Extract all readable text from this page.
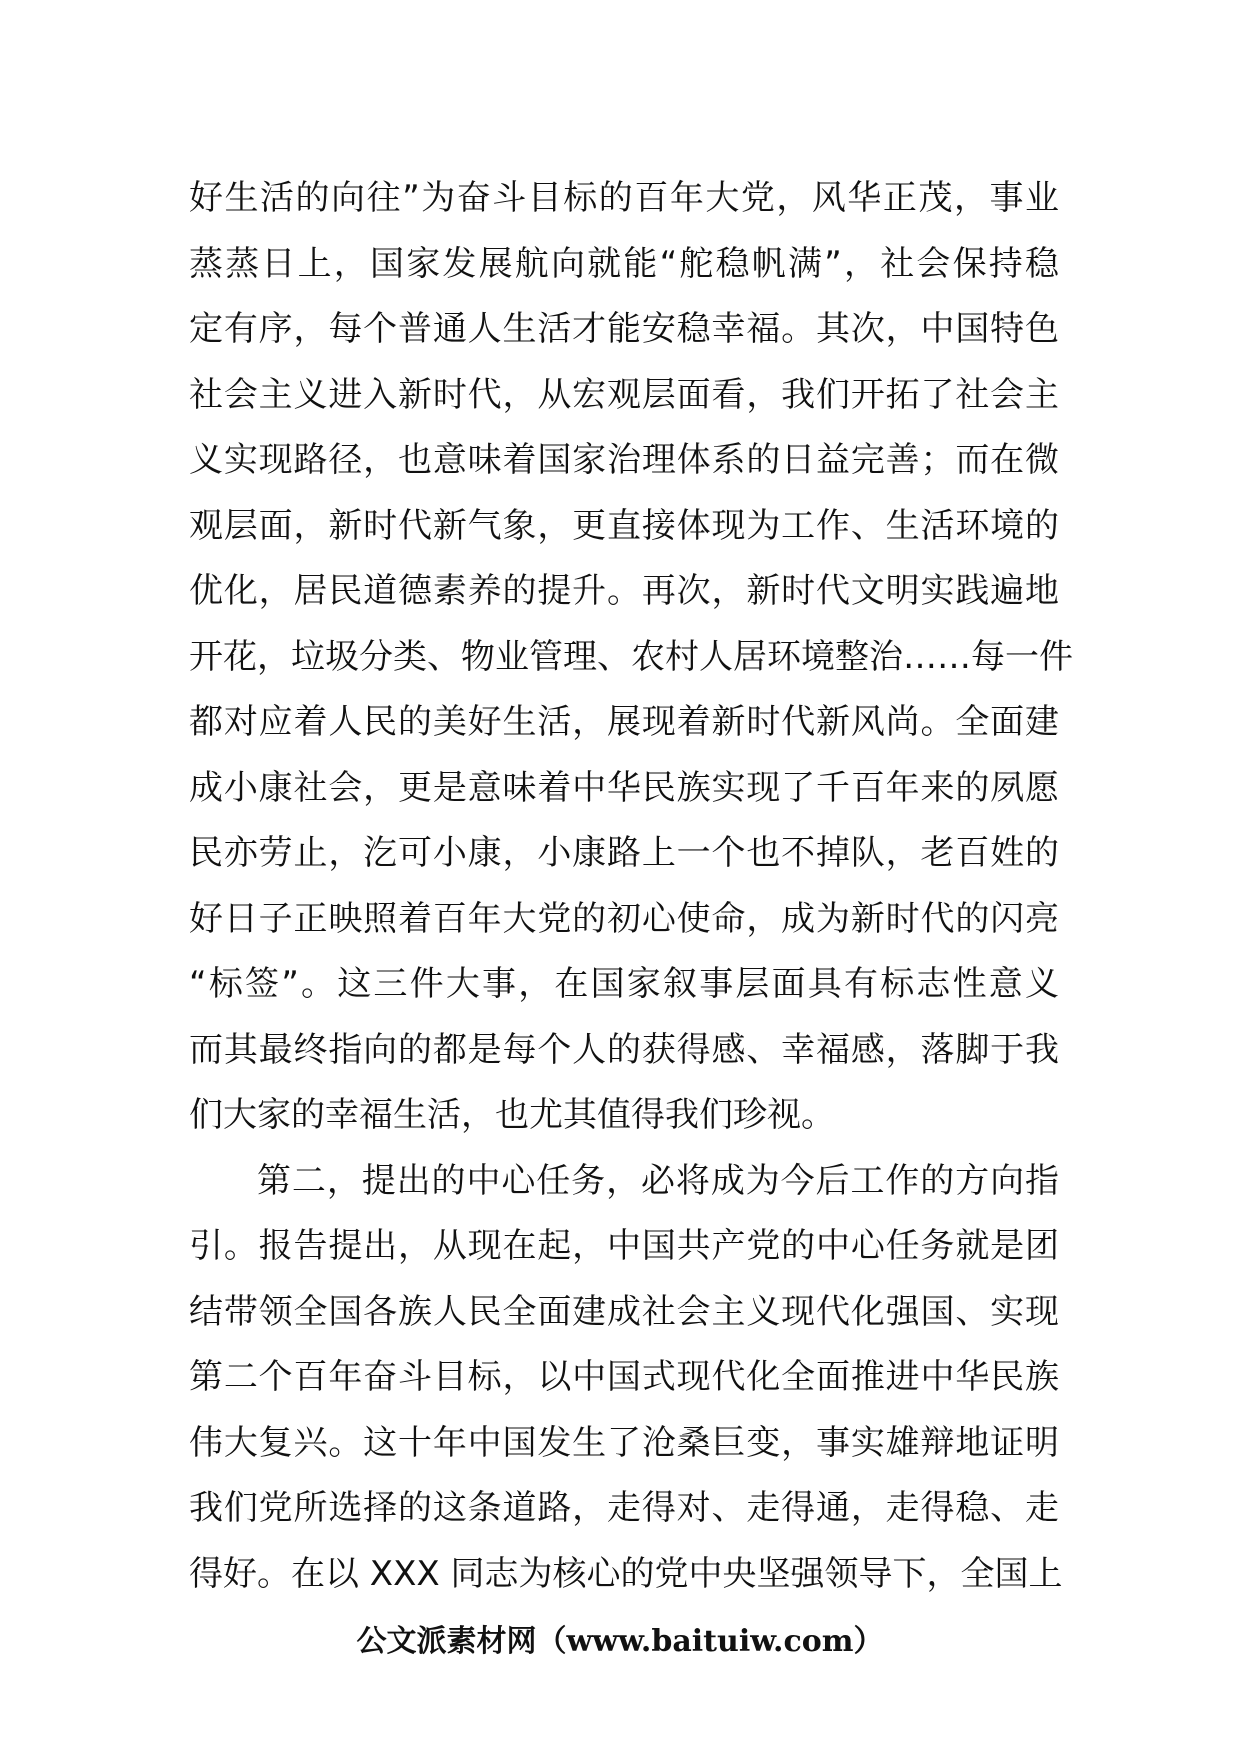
好生活的向往”为奋斗目标的百年大党，风华正茂，事业
蒸蒸日上，国家发展航向就能“舵稳帆满”，社会保持稳
定有序，每个普通人生活才能安稳幸福。其次，中国特色
社会主义进入新时代，从宏观层面看，我们开拓了社会主
义实现路径，也意味着国家治理体系的日益完善；而在微
观层面，新时代新气象，更直接体现为工作、生活环境的
优化，居民道德素养的提升。再次，新时代文明实践遍地
开花，垃圾分类、物业管理、农村人居环境整治……每一件
都对应着人民的美好生活，展现着新时代新风尚。全面建
成小康社会，更是意味着中华民族实现了千百年来的夙愿
民亦劳止，汔可小康，小康路上一个也不掉队，老百姓的
好日子正映照着百年大党的初心使命，成为新时代的闪亮
“标签”。这三件大事，在国家叙事层面具有标志性意义
而其最终指向的都是每个人的获得感、幸福感，落脚于我
们大家的幸福生活，也尤其值得我们珍视。
第二，提出的中心任务，必将成为今后工作的方向指
引。报告提出，从现在起，中国共产党的中心任务就是团
结带领全国各族人民全面建成社会主义现代化强国、实现
第二个百年奋斗目标，以中国式现代化全面推进中华民族
伟大复兴。这十年中国发生了沧桑巨变，事实雄辩地证明
我们党所选择的这条道路，走得对、走得通，走得稳、走
得好。在以 XXX 同志为核心的党中央坚强领导下，全国上
公文派素材网（www.baituiw.com）
